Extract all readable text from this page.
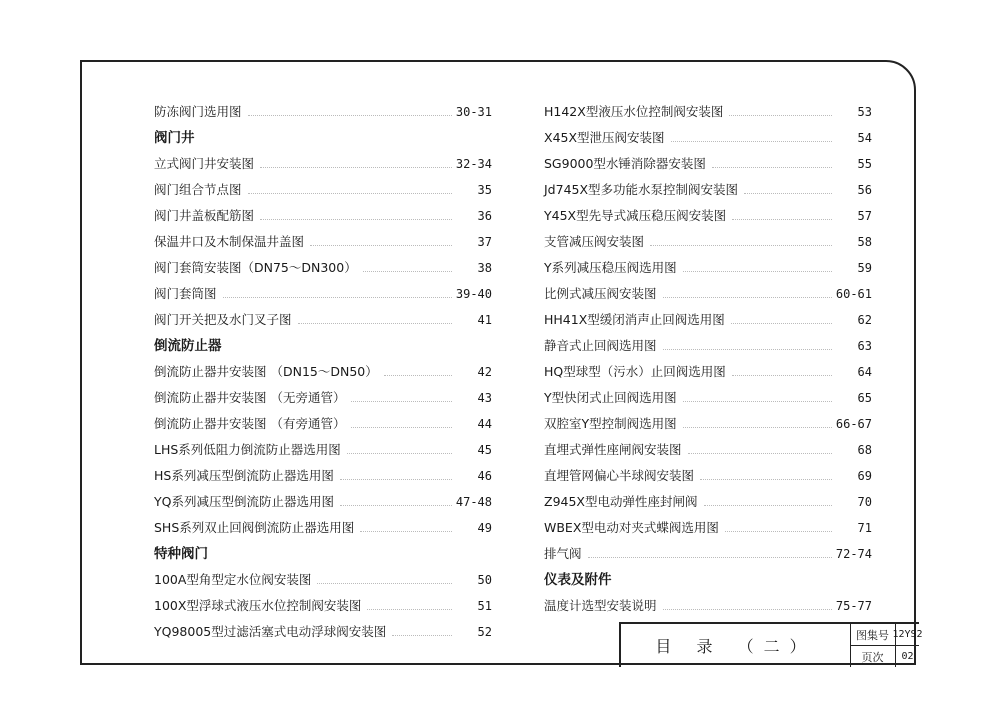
防冻阀门选用图	30-31
阀门井
立式阀门井安装图	32-34
阀门组合节点图	35
阀门井盖板配筋图	36
保温井口及木制保温井盖图	37
阀门套筒安装图（DN75～DN300）	38
阀门套筒图	39-40
阀门开关把及水门叉子图	41
倒流防止器
倒流防止器井安装图 （DN15～DN50）	42
倒流防止器井安装图 （无旁通管）	43
倒流防止器井安装图 （有旁通管）	44
LHS系列低阻力倒流防止器选用图	45
HS系列减压型倒流防止器选用图	46
YQ系列减压型倒流防止器选用图	47-48
SHS系列双止回阀倒流防止器选用图	49
特种阀门
100A型角型定水位阀安装图	50
100X型浮球式液压水位控制阀安装图	51
YQ98005型过滤活塞式电动浮球阀安装图	52
H142X型液压水位控制阀安装图	53
X45X型泄压阀安装图	54
SG9000型水锤消除器安装图	55
Jd745X型多功能水泵控制阀安装图	56
Y45X型先导式减压稳压阀安装图	57
支管减压阀安装图	58
Y系列减压稳压阀选用图	59
比例式减压阀安装图	60-61
HH41X型缓闭消声止回阀选用图	62
静音式止回阀选用图	63
HQ型球型（污水）止回阀选用图	64
Y型快闭式止回阀选用图	65
双腔室Y型控制阀选用图	66-67
直埋式弹性座闸阀安装图	68
直埋管网偏心半球阀安装图	69
Z945X型电动弹性座封闸阀	70
WBEX型电动对夹式蝶阀选用图	71
排气阀	72-74
仪表及附件
温度计选型安装说明	75-77
目 录 （二）
图集号 12YS2
页次	02
